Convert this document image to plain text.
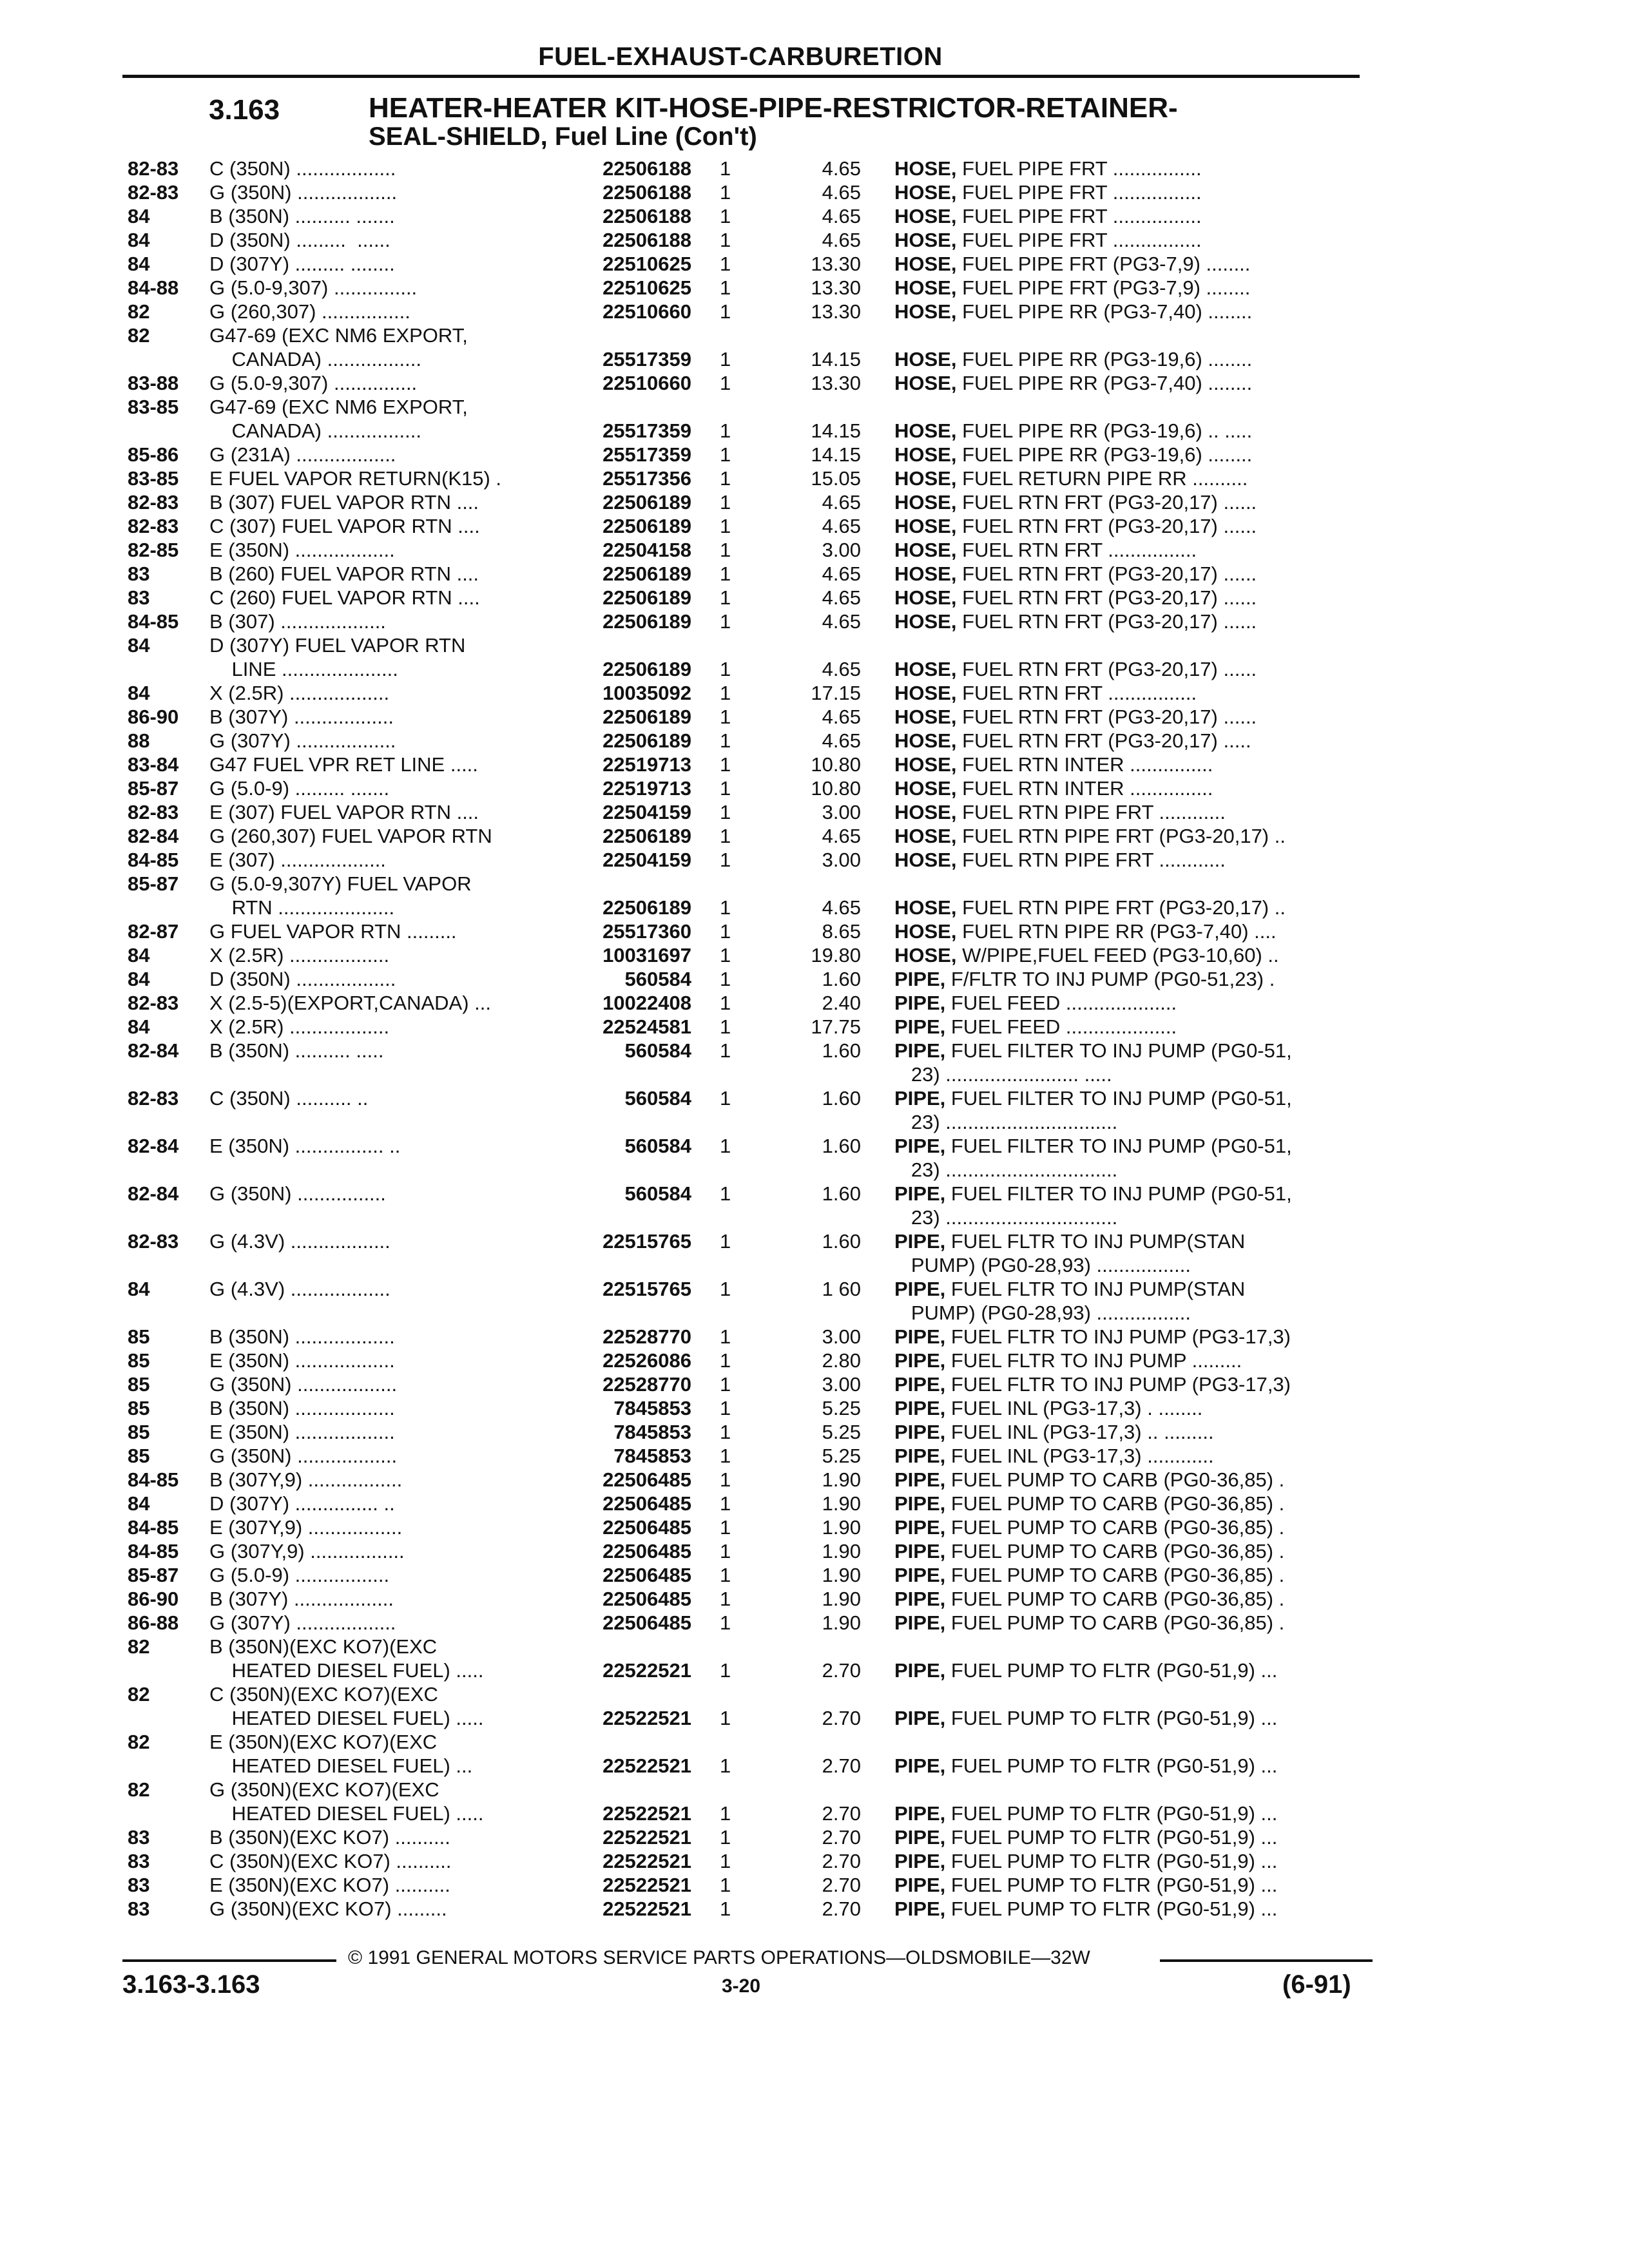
FUEL-EXHAUST-CARBURETION
3.163	HEATER-HEATER KIT-HOSE-PIPE-RESTRICTOR-RETAINER-
SEAL-SHIELD, Fuel Line (Con't)
82-83 C (350N) ..................	22506188 1	4.65 HOSE, FUEL PIPE FRT ................
82-83 G (350N) ..................	22506188 1	4.65 HOSE, FUEL PIPE FRT ................
84	B (350N) .......... .......	22506188 1	4.65 HOSE, FUEL PIPE FRT ................
84	D (350N) .........  ......	22506188 1	4.65 HOSE, FUEL PIPE FRT ................
84	D (307Y) ......... ........	22510625 1	13.30 HOSE, FUEL PIPE FRT (PG3-7,9) ........
84-88 G (5.0-9,307) ...............	22510625 1	13.30 HOSE, FUEL PIPE FRT (PG3-7,9) ........
82	G (260,307) ................	22510660 1	13.30 HOSE, FUEL PIPE RR (PG3-7,40) ........
82	G47-69 (EXC NM6 EXPORT,
CANADA) .................	25517359 1	14.15 HOSE, FUEL PIPE RR (PG3-19,6) ........
83-88 G (5.0-9,307) ...............	22510660 1	13.30 HOSE, FUEL PIPE RR (PG3-7,40) ........
83-85 G47-69 (EXC NM6 EXPORT,
CANADA) .................	25517359 1	14.15 HOSE, FUEL PIPE RR (PG3-19,6) .. .....
85-86 G (231A) ..................	25517359 1	14.15 HOSE, FUEL PIPE RR (PG3-19,6) ........
83-85 E FUEL VAPOR RETURN(K15) .	25517356 1	15.05 HOSE, FUEL RETURN PIPE RR ..........
82-83 B (307) FUEL VAPOR RTN ....	22506189 1	4.65 HOSE, FUEL RTN FRT (PG3-20,17) ......
82-83 C (307) FUEL VAPOR RTN ....	22506189 1	4.65 HOSE, FUEL RTN FRT (PG3-20,17) ......
82-85 E (350N) ..................	22504158 1	3.00 HOSE, FUEL RTN FRT ................
83	B (260) FUEL VAPOR RTN ....	22506189 1	4.65 HOSE, FUEL RTN FRT (PG3-20,17) ......
83	C (260) FUEL VAPOR RTN ....	22506189 1	4.65 HOSE, FUEL RTN FRT (PG3-20,17) ......
84-85 B (307) ...................	22506189 1	4.65 HOSE, FUEL RTN FRT (PG3-20,17) ......
84	D (307Y) FUEL VAPOR RTN
LINE .....................	22506189 1	4.65 HOSE, FUEL RTN FRT (PG3-20,17) ......
84	X (2.5R) ..................	10035092 1	17.15 HOSE, FUEL RTN FRT ................
86-90 B (307Y) ..................	22506189 1	4.65 HOSE, FUEL RTN FRT (PG3-20,17) ......
88	G (307Y) ..................	22506189 1	4.65 HOSE, FUEL RTN FRT (PG3-20,17) .....
83-84 G47 FUEL VPR RET LINE .....	22519713 1	10.80 HOSE, FUEL RTN INTER ...............
85-87 G (5.0-9) ......... .......	22519713 1	10.80 HOSE, FUEL RTN INTER ...............
82-83 E (307) FUEL VAPOR RTN ....	22504159 1	3.00 HOSE, FUEL RTN PIPE FRT ............
82-84 G (260,307) FUEL VAPOR RTN	22506189 1	4.65 HOSE, FUEL RTN PIPE FRT (PG3-20,17) ..
84-85 E (307) ...................	22504159 1	3.00 HOSE, FUEL RTN PIPE FRT ............
85-87 G (5.0-9,307Y) FUEL VAPOR
RTN .....................	22506189 1	4.65 HOSE, FUEL RTN PIPE FRT (PG3-20,17) ..
82-87 G FUEL VAPOR RTN .........	25517360 1	8.65 HOSE, FUEL RTN PIPE RR (PG3-7,40) ....
84	X (2.5R) ..................	10031697 1	19.80 HOSE, W/PIPE,FUEL FEED (PG3-10,60) ..
84	D (350N) ..................	560584 1	1.60 PIPE, F/FLTR TO INJ PUMP (PG0-51,23) .
82-83 X (2.5-5)(EXPORT,CANADA) ...	10022408 1	2.40 PIPE, FUEL FEED ....................
84	X (2.5R) ..................	22524581 1	17.75 PIPE, FUEL FEED ....................
82-84 B (350N) .......... .....	560584 1	1.60 PIPE, FUEL FILTER TO INJ PUMP (PG0-51,
23) ........................ .....
82-83 C (350N) .......... ..	560584 1	1.60 PIPE, FUEL FILTER TO INJ PUMP (PG0-51,
23) ...............................
82-84 E (350N) ................ ..	560584 1	1.60 PIPE, FUEL FILTER TO INJ PUMP (PG0-51,
23) ...............................
82-84 G (350N) ................	560584 1	1.60 PIPE, FUEL FILTER TO INJ PUMP (PG0-51,
23) ...............................
82-83 G (4.3V) ..................	22515765 1	1.60 PIPE, FUEL FLTR TO INJ PUMP(STAN
PUMP) (PG0-28,93) .................
84	G (4.3V) ..................	22515765 1	1 60 PIPE, FUEL FLTR TO INJ PUMP(STAN
PUMP) (PG0-28,93) .................
85	B (350N) ..................	22528770 1	3.00 PIPE, FUEL FLTR TO INJ PUMP (PG3-17,3)
85	E (350N) ..................	22526086 1	2.80 PIPE, FUEL FLTR TO INJ PUMP .........
85	G (350N) ..................	22528770 1	3.00 PIPE, FUEL FLTR TO INJ PUMP (PG3-17,3)
85	B (350N) ..................	7845853 1	5.25 PIPE, FUEL INL (PG3-17,3) . ........
85	E (350N) ..................	7845853 1	5.25 PIPE, FUEL INL (PG3-17,3) .. .........
85	G (350N) ..................	7845853 1	5.25 PIPE, FUEL INL (PG3-17,3) ............
84-85 B (307Y,9) .................	22506485 1	1.90 PIPE, FUEL PUMP TO CARB (PG0-36,85) .
84	D (307Y) ............... ..	22506485 1	1.90 PIPE, FUEL PUMP TO CARB (PG0-36,85) .
84-85 E (307Y,9) .................	22506485 1	1.90 PIPE, FUEL PUMP TO CARB (PG0-36,85) .
84-85 G (307Y,9) .................	22506485 1	1.90 PIPE, FUEL PUMP TO CARB (PG0-36,85) .
85-87 G (5.0-9) .................	22506485 1	1.90 PIPE, FUEL PUMP TO CARB (PG0-36,85) .
86-90 B (307Y) ..................	22506485 1	1.90 PIPE, FUEL PUMP TO CARB (PG0-36,85) .
86-88 G (307Y) ..................	22506485 1	1.90 PIPE, FUEL PUMP TO CARB (PG0-36,85) .
82	B (350N)(EXC KO7)(EXC
HEATED DIESEL FUEL) .....	22522521 1	2.70 PIPE, FUEL PUMP TO FLTR (PG0-51,9) ...
82	C (350N)(EXC KO7)(EXC
HEATED DIESEL FUEL) .....	22522521 1	2.70 PIPE, FUEL PUMP TO FLTR (PG0-51,9) ...
82	E (350N)(EXC KO7)(EXC
HEATED DIESEL FUEL) ...	22522521 1	2.70 PIPE, FUEL PUMP TO FLTR (PG0-51,9) ...
82	G (350N)(EXC KO7)(EXC
HEATED DIESEL FUEL) .....	22522521 1	2.70 PIPE, FUEL PUMP TO FLTR (PG0-51,9) ...
83	B (350N)(EXC KO7) ..........	22522521 1	2.70 PIPE, FUEL PUMP TO FLTR (PG0-51,9) ...
83	C (350N)(EXC KO7) ..........	22522521 1	2.70 PIPE, FUEL PUMP TO FLTR (PG0-51,9) ...
83	E (350N)(EXC KO7) ..........	22522521 1	2.70 PIPE, FUEL PUMP TO FLTR (PG0-51,9) ...
83	G (350N)(EXC KO7) .........	22522521 1	2.70 PIPE, FUEL PUMP TO FLTR (PG0-51,9) ...
© 1991 GENERAL MOTORS SERVICE PARTS OPERATIONS—OLDSMOBILE—32W
3.163-3.163	3-20	(6-91)
